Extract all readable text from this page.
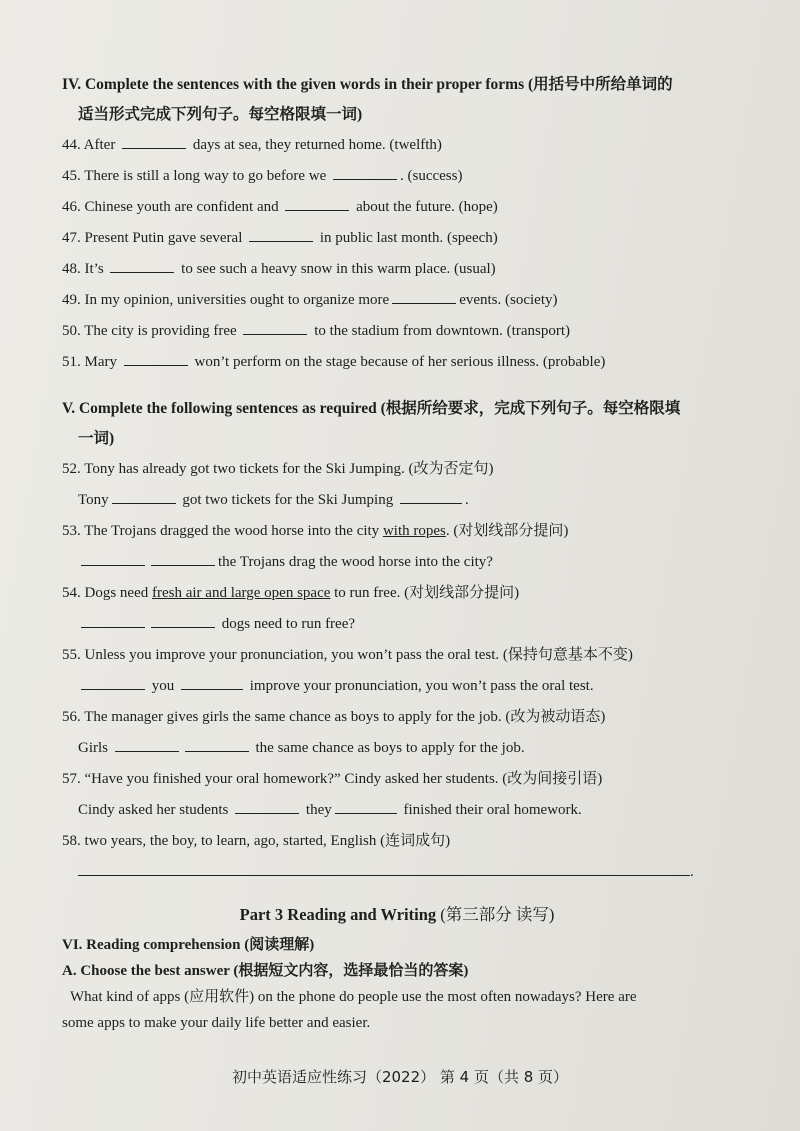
IV. Complete the sentences with the given words in their proper forms (用括号中所给单词的
适当形式完成下列句子。每空格限填一词)

44. After	days at sea, they returned home. (twelfth)

45. There is still a long way to go before we	. (success)

46. Chinese youth are confident and	about the future. (hope)

47. Present Putin gave several	in public last month. (speech)

48. It’s	to see such a heavy snow in this warm place. (usual)

49. In my opinion, universities ought to organize more	events. (society)

50. The city is providing free	to the stadium from downtown. (transport)

51. Mary	won’t perform on the stage because of her serious illness. (probable)

V. Complete the following sentences as required (根据所给要求，完成下列句子。每空格限填
一词)

52. Tony has already got two tickets for the Ski Jumping. (改为否定句)

Tony	got two tickets for the Ski Jumping	.

53. The Trojans dragged the wood horse into the city with ropes. (对划线部分提问)

the Trojans drag the wood horse into the city?

54. Dogs need fresh air and large open space to run free. (对划线部分提问)

dogs need to run free?

55. Unless you improve your pronunciation, you won’t pass the oral test. (保持句意基本不变)

you	improve your pronunciation, you won’t pass the oral test.

56. The manager gives girls the same chance as boys to apply for the job. (改为被动语态)

Girls	the same chance as boys to apply for the job.

57. “Have you finished your oral homework?” Cindy asked her students. (改为间接引语)

Cindy asked her students	they	finished their oral homework.

58. two years, the boy, to learn, ago, started, English (连词成句)

.

Part 3 Reading and Writing (第三部分 读写)

VI. Reading comprehension (阅读理解)

A. Choose the best answer (根据短文内容，选择最恰当的答案)

What kind of apps (应用软件) on the phone do people use the most often nowadays? Here are

some apps to make your daily life better and easier.

初中英语适应性练习（2022） 第 4 页（共 8 页）
